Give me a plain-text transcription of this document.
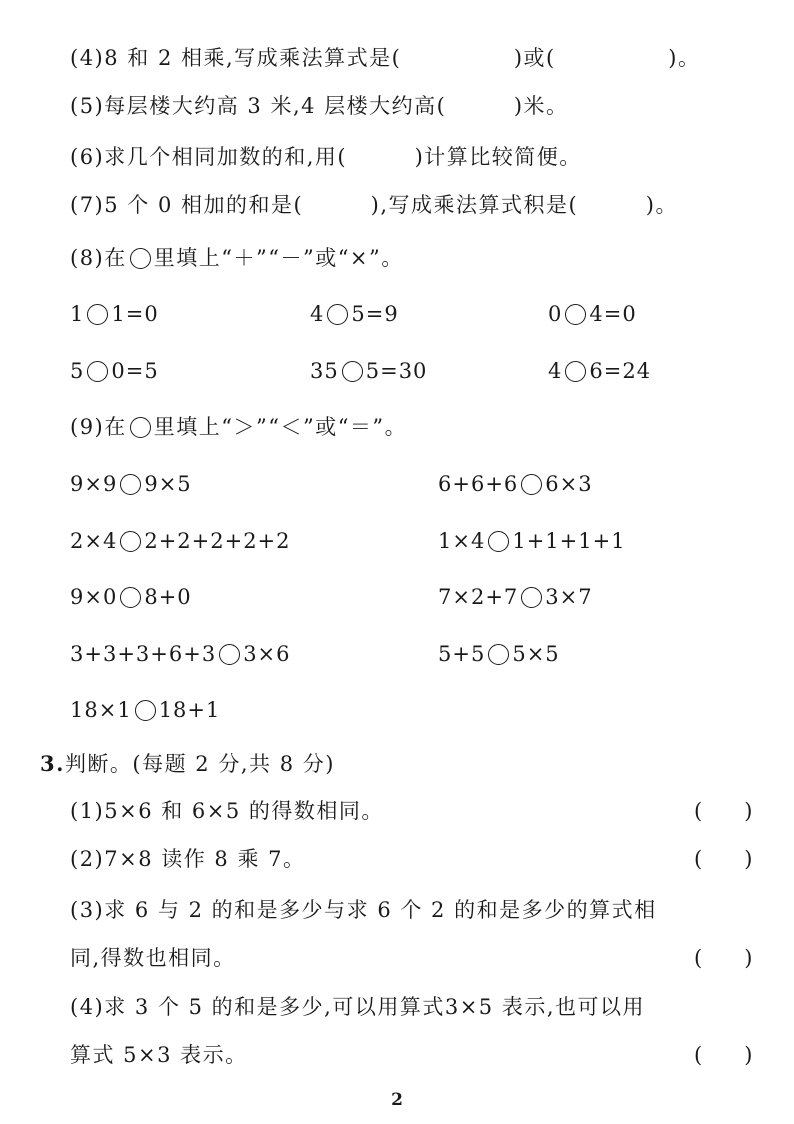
(4)8 和 2 相乘,写成乘法算式是(　　　　　)或(　　　　　)。
(5)每层楼大约高 3 米,4 层楼大约高(　　　)米。
(6)求几个相同加数的和,用(　　　)计算比较简便。
(7)5 个 0 相加的和是(　　　),写成乘法算式积是(　　　)。
(8)在 里填上“＋”“－”或“×”。
1 1=0	4 5=9	0 4=0
5 0=5	35 5=30	4 6=24
(9)在 里填上“＞”“＜”或“＝”。
9×9 9×5	6+6+6 6×3
2×4 2+2+2+2+2	1×4 1+1+1+1
9×0 8+0	7×2+7 3×7
3+3+3+6+3 3×6	5+5 5×5
18×1 18+1
3.判断。(每题 2 分,共 8 分)
(1)5×6 和 6×5 的得数相同。	(　　)
(2)7×8 读作 8 乘 7。	(　　)
(3)求 6 与 2 的和是多少与求 6 个 2 的和是多少的算式相
同,得数也相同。	(　　)
(4)求 3 个 5 的和是多少,可以用算式3×5 表示,也可以用
算式 5×3 表示。	(　　)
2
